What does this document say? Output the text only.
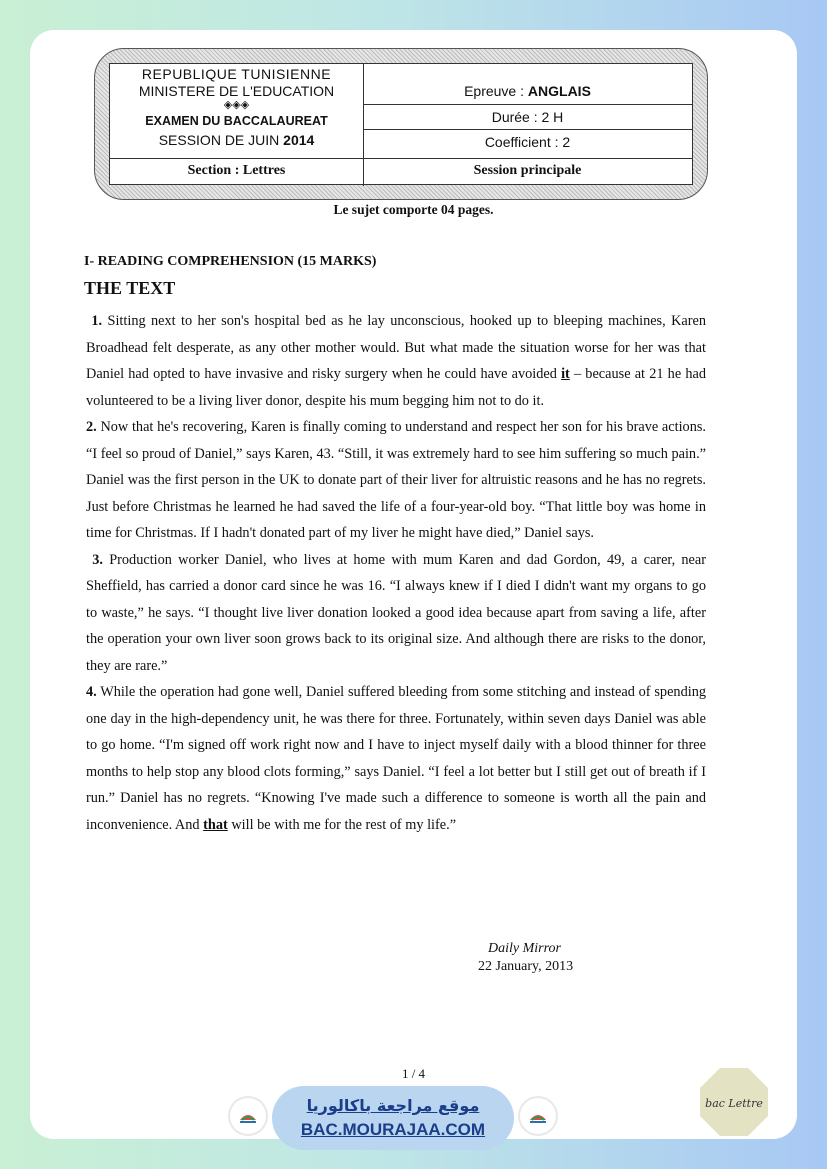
REPUBLIQUE TUNISIENNE
MINISTERE DE L'EDUCATION
◈◈◈
EXAMEN DU BACCALAUREAT
SESSION DE JUIN 2014
Epreuve : ANGLAIS
Durée : 2 H
Coefficient : 2
Section : Lettres	Session principale
Le sujet comporte 04 pages.
I- READING COMPREHENSION (15 MARKS)
THE TEXT

1. Sitting next to her son's hospital bed as he lay unconscious, hooked up to bleeping machines, Karen Broadhead felt desperate, as any other mother would. But what made the situation worse for her was that Daniel had opted to have invasive and risky surgery when he could have avoided it – because at 21 he had volunteered to be a living liver donor, despite his mum begging him not to do it.

2. Now that he's recovering, Karen is finally coming to understand and respect her son for his brave actions. “I feel so proud of Daniel,” says Karen, 43. “Still, it was extremely hard to see him suffering so much pain.” Daniel was the first person in the UK to donate part of their liver for altruistic reasons and he has no regrets. Just before Christmas he learned he had saved the life of a four-year-old boy. “That little boy was home in time for Christmas. If I hadn't donated part of my liver he might have died,” Daniel says.

3. Production worker Daniel, who lives at home with mum Karen and dad Gordon, 49, a carer, near Sheffield, has carried a donor card since he was 16. “I always knew if I died I didn't want my organs to go to waste,” he says. “I thought live liver donation looked a good idea because apart from saving a life, after the operation your own liver soon grows back to its original size. And although there are risks to the donor, they are rare.”

4. While the operation had gone well, Daniel suffered bleeding from some stitching and instead of spending one day in the high-dependency unit, he was there for three. Fortunately, within seven days Daniel was able to go home. “I'm signed off work right now and I have to inject myself daily with a blood thinner for three months to help stop any blood clots forming,” says Daniel. “I feel a lot better but I still get out of breath if I run.” Daniel has no regrets. “Knowing I've made such a difference to someone is worth all the pain and inconvenience. And that will be with me for the rest of my life.”

Daily Mirror
22 January, 2013
1 / 4
موقع مراجعة باكالوريا
BAC.MOURAJAA.COM
bac Lettre
